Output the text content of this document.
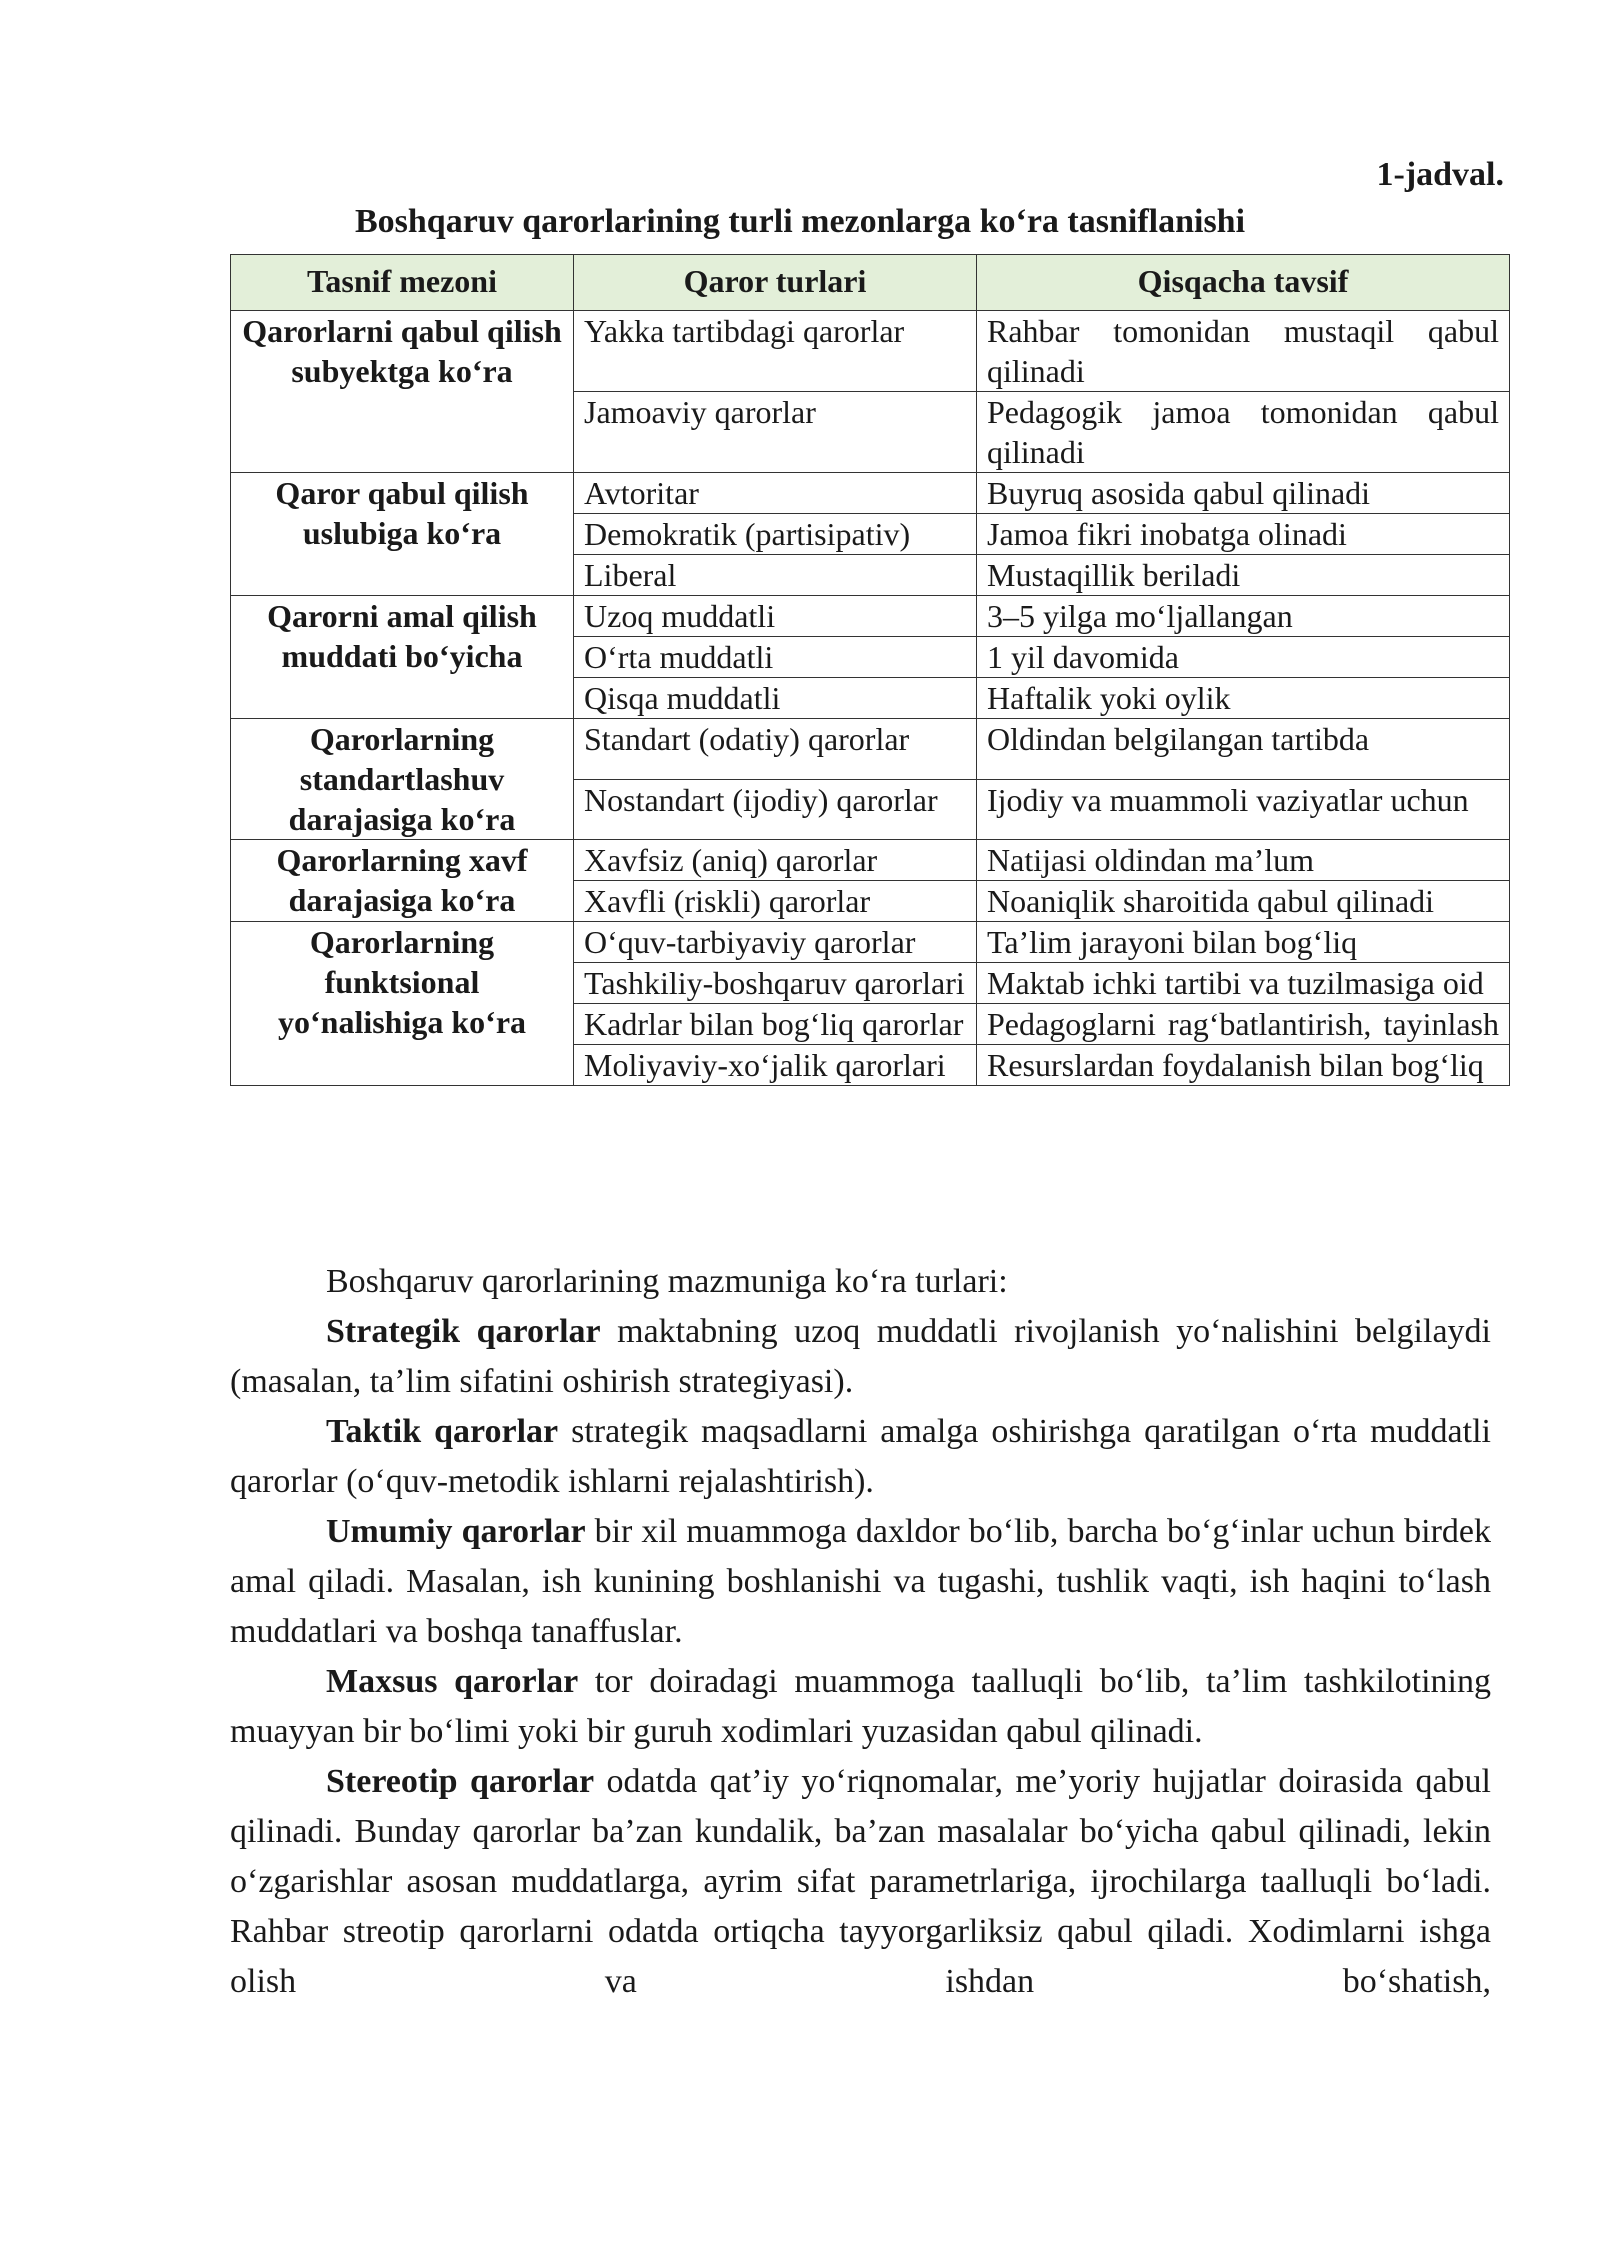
1-jadval.
Boshqaruv qarorlarining turli mezonlarga ko‘ra tasniflanishi
Tasnif mezoni	Qaror turlari	Qisqacha tavsif
Qarorlarni qabul qilish subyektga ko‘ra	Yakka tartibdagi qarorlar	Rahbar tomonidan mustaqil qabul qilinadi
	Jamoaviy qarorlar	Pedagogik jamoa tomonidan qabul qilinadi
Qaror qabul qilish uslubiga ko‘ra	Avtoritar	Buyruq asosida qabul qilinadi
	Demokratik (partisipativ)	Jamoa fikri inobatga olinadi
	Liberal	Mustaqillik beriladi
Qarorni amal qilish muddati bo‘yicha	Uzoq muddatli	3–5 yilga mo‘ljallangan
	O‘rta muddatli	1 yil davomida
	Qisqa muddatli	Haftalik yoki oylik
Qarorlarning standartlashuv darajasiga ko‘ra	Standart (odatiy) qarorlar	Oldindan belgilangan tartibda
	Nostandart (ijodiy) qarorlar	Ijodiy va muammoli vaziyatlar uchun
Qarorlarning xavf darajasiga ko‘ra	Xavfsiz (aniq) qarorlar	Natijasi oldindan ma’lum
	Xavfli (riskli) qarorlar	Noaniqlik sharoitida qabul qilinadi
Qarorlarning funktsional yo‘nalishiga ko‘ra	O‘quv-tarbiyaviy qarorlar	Ta’lim jarayoni bilan bog‘liq
	Tashkiliy-boshqaruv qarorlari	Maktab ichki tartibi va tuzilmasiga oid
	Kadrlar bilan bog‘liq qarorlar	Pedagoglarni rag‘batlantirish, tayinlash
	Moliyaviy-xo‘jalik qarorlari	Resurslardan foydalanish bilan bog‘liq

Boshqaruv qarorlarining mazmuniga ko‘ra turlari:

Strategik qarorlar maktabning uzoq muddatli rivojlanish yo‘nalishini belgilaydi (masalan, ta’lim sifatini oshirish strategiyasi).

Taktik qarorlar strategik maqsadlarni amalga oshirishga qaratilgan o‘rta muddatli qarorlar (o‘quv-metodik ishlarni rejalashtirish).

Umumiy qarorlar bir xil muammoga daxldor bo‘lib, barcha bo‘g‘inlar uchun birdek amal qiladi. Masalan, ish kunining boshlanishi va tugashi, tushlik vaqti, ish haqini to‘lash muddatlari va boshqa tanaffuslar.

Maxsus qarorlar tor doiradagi muammoga taalluqli bo‘lib, ta’lim tashkilotining muayyan bir bo‘limi yoki bir guruh xodimlari yuzasidan qabul qilinadi.

Stereotip qarorlar odatda qat’iy yo‘riqnomalar, me’yoriy hujjatlar doirasida qabul qilinadi. Bunday qarorlar ba’zan kundalik, ba’zan masalalar bo‘yicha qabul qilinadi, lekin o‘zgarishlar asosan muddatlarga, ayrim sifat parametrlariga, ijrochilarga taalluqli bo‘ladi. Rahbar streotip qarorlarni odatda ortiqcha tayyorgarliksiz qabul qiladi. Xodimlarni ishga olish va ishdan bo‘shatish,
